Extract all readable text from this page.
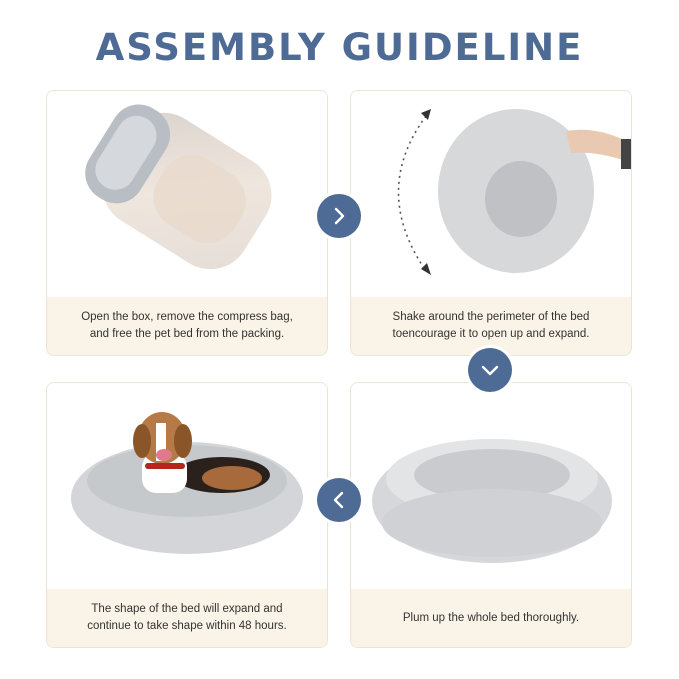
ASSEMBLY GUIDELINE
Open the box, remove the compress bag,
and free the pet bed from the packing.
Shake around the perimeter of the bed
toencourage it to open up and expand.
The shape of the bed will expand and
continue to take shape within 48 hours.
Plum up the whole bed thoroughly.
